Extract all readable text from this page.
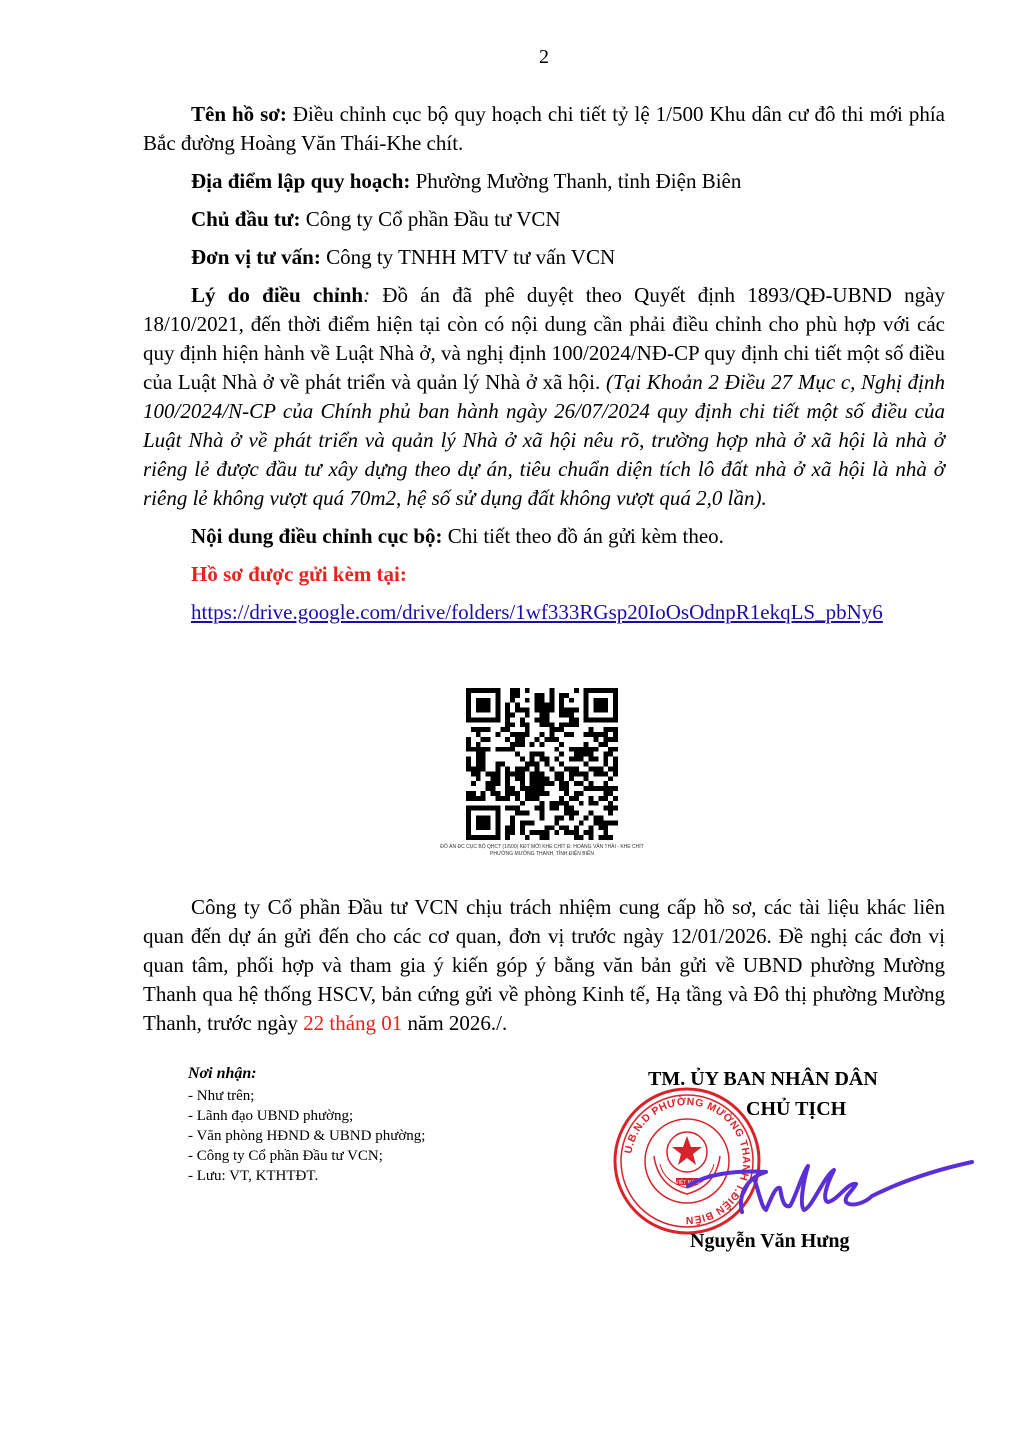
2

Tên hồ sơ: Điều chỉnh cục bộ quy hoạch chi tiết tỷ lệ 1/500 Khu dân cư đô thi mới phía Bắc đường Hoàng Văn Thái-Khe chít.

Địa điểm lập quy hoạch: Phường Mường Thanh, tỉnh Điện Biên

Chủ đầu tư: Công ty Cổ phần Đầu tư VCN

Đơn vị tư vấn: Công ty TNHH MTV tư vấn VCN

Lý do điều chỉnh: Đồ án đã phê duyệt theo Quyết định 1893/QĐ-UBND ngày 18/10/2021, đến thời điểm hiện tại còn có nội dung cần phải điều chỉnh cho phù hợp với các quy định hiện hành về Luật Nhà ở, và nghị định 100/2024/NĐ-CP quy định chi tiết một số điều của Luật Nhà ở về phát triển và quản lý Nhà ở xã hội. (Tại Khoản 2 Điều 27 Mục c, Nghị định 100/2024/N-CP của Chính phủ ban hành ngày 26/07/2024 quy định chi tiết một số điều của Luật Nhà ở về phát triển và quản lý Nhà ở xã hội nêu rõ, trường hợp nhà ở xã hội là nhà ở riêng lẻ được đầu tư xây dựng theo dự án, tiêu chuẩn diện tích lô đất nhà ở xã hội là nhà ở riêng lẻ không vượt quá 70m2, hệ số sử dụng đất không vượt quá 2,0 lần).

Nội dung điều chỉnh cục bộ: Chi tiết theo đồ án gửi kèm theo.

Hồ sơ được gửi kèm tại:

https://drive.google.com/drive/folders/1wf333RGsp20IoOsOdnpR1ekqLS_pbNy6

ĐỒ ÁN ĐC CỤC BỘ QHCT (1/500) KĐT MỚI KHE CHÍT Đ. HOÀNG VĂN THÁI - KHE CHÍT
PHƯỜNG MƯỜNG THANH, TỈNH ĐIỆN BIÊN

Công ty Cổ phần Đầu tư VCN chịu trách nhiệm cung cấp hồ sơ, các tài liệu khác liên quan đến dự án gửi đến cho các cơ quan, đơn vị trước ngày 12/01/2026. Đề nghị các đơn vị quan tâm, phối hợp và tham gia ý kiến góp ý bằng văn bản gửi về UBND phường Mường Thanh qua hệ thống HSCV, bản cứng gửi về phòng Kinh tế, Hạ tầng và Đô thị phường Mường Thanh, trước ngày 22 tháng 01 năm 2026./.

Nơi nhận:
- Như trên;
- Lãnh đạo UBND phường;
- Văn phòng HĐND & UBND phường;
- Công ty Cổ phần Đầu tư VCN;
- Lưu: VT, KTHTĐT.
TM. ỦY BAN NHÂN DÂN
CHỦ TỊCH
U.B.N.D PHƯỜNG MƯỜNG THANH T.ĐIỆN BIÊN
VIỆT NAM
Nguyễn Văn Hưng
